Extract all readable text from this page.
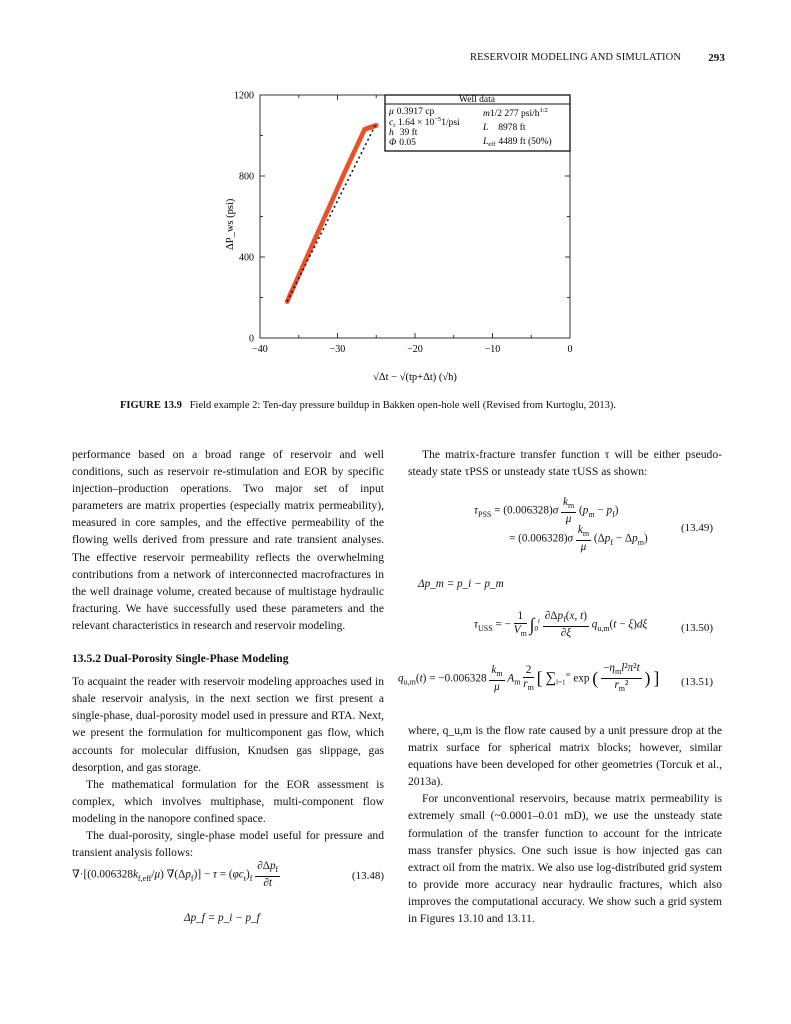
RESERVOIR MODELING AND SIMULATION 293
0
400
800
1200
−40	−30	−20	−10	0
Well data
μ 0.3917 cp
$c_t$ $1.64 \times 10^{-5}1$/psi
h 39 ft
Φ 0.05
m1/2 277 psi/$h^{1/2}$
L 8978 ft
$L_{eff}$ 4489 ft (50%)
ΔP_ws (psi)
√Δt − √(tp+Δt) (√h)
FIGURE 13.9 Field example 2: Ten-day pressure buildup in Bakken open-hole well (Revised from Kurtoglu, 2013).

performance based on a broad range of reservoir and well conditions, such as reservoir re-stimulation and EOR by specific injection–production operations. Two major set of input parameters are matrix properties (especially matrix permeability), measured in core samples, and the effective permeability of the flowing wells derived from pressure and rate transient analyses. The effective reservoir permeability reflects the overwhelming contributions from a network of interconnected macrofractures in the well drainage volume, created because of multistage hydraulic fracturing. We have successfully used these parameters and the relevant characteristics in research and reservoir modeling.

13.5.2 Dual-Porosity Single-Phase Modeling

To acquaint the reader with reservoir modeling approaches used in shale reservoir analysis, in the next section we first present a single-phase, dual-porosity model used in pressure and RTA. Next, we present the formulation for multicomponent gas flow, which accounts for molecular diffusion, Knudsen gas slippage, gas desorption, and gas storage.

The mathematical formulation for the EOR assessment is complex, which involves multiphase, multi-component flow modeling in the nanopore confined space.

The dual-porosity, single-phase model useful for pressure and transient analysis follows:

$\nabla\cdot[(0.006328k_{f,eff}/\mu) \nabla(\Delta p_f)] - \tau = (\varphi c_t)_f \frac{\partial\Delta p_f}{\partial t}$	(13.48)
Δp_f = p_i − p_f

The matrix-fracture transfer function τ will be either pseudo-steady state τPSS or unsteady state τUSS as shown:

$\tau_{PSS} = (0.006328)\sigma \frac{k_m}{\mu} (p_m - p_f)$
= $(0.006328)\sigma \frac{k_m}{\mu} (\Delta p_f - \Delta p_m)$
(13.49)
Δp_m = p_i − p_m
$\tau_{USS}$ = − $\frac{1}{V_m} \int_0^t \frac{\partial\Delta p_f(x, t)}{\partial\xi} q_{u,m}(t - \xi)d\xi$	(13.50)
$q_{u,m}(t) = -0.006328 \frac{k_m}{\mu} A_m \frac{2}{r_m}$ [ $\sum_{l=1}^\infty$ exp ( $\frac{-\eta_ml^2\pi^2t}{r_m^2}$ ) ] (13.51)

where, q_u,m is the flow rate caused by a unit pressure drop at the matrix surface for spherical matrix blocks; however, similar equations have been developed for other geometries (Torcuk et al., 2013a).

For unconventional reservoirs, because matrix permeability is extremely small (~0.0001–0.01 mD), we use the unsteady state formulation of the transfer function to account for the intricate mass transfer physics. One such issue is how injected gas can extract oil from the matrix. We also use log-distributed grid system to provide more accuracy near hydraulic fractures, which also improves the computational accuracy. We show such a grid system in Figures 13.10 and 13.11.
